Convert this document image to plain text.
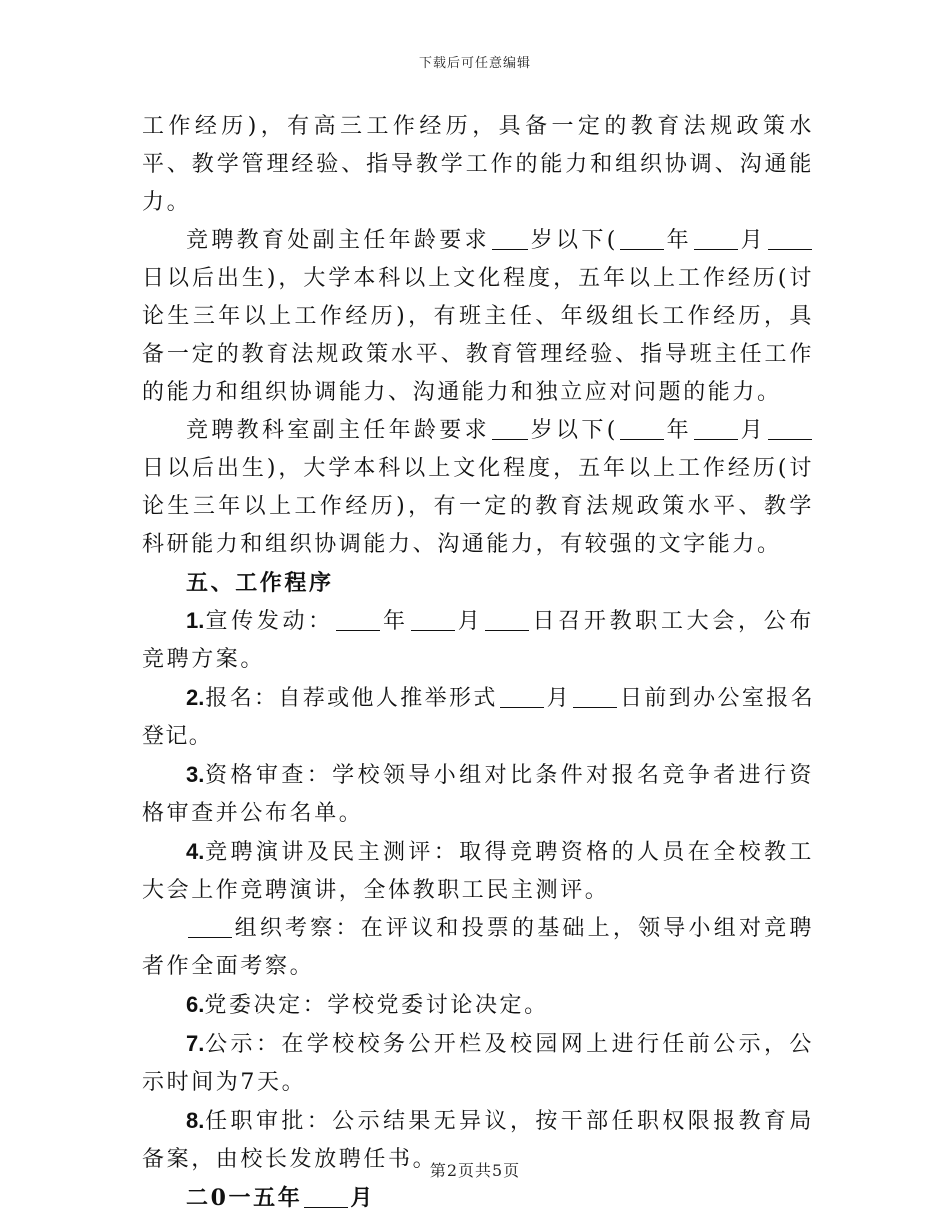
下载后可任意编辑

工作经历)，有高三工作经历，具备一定的教育法规政策水平、教学管理经验、指导教学工作的能力和组织协调、沟通能力。

竞聘教育处副主任年龄要求 岁以下( 年 月日以后出生)，大学本科以上文化程度，五年以上工作经历(讨论生三年以上工作经历)，有班主任、年级组长工作经历，具备一定的教育法规政策水平、教育管理经验、指导班主任工作的能力和组织协调能力、沟通能力和独立应对问题的能力。

竞聘教科室副主任年龄要求 岁以下( 年 月日以后出生)，大学本科以上文化程度，五年以上工作经历(讨论生三年以上工作经历)，有一定的教育法规政策水平、教学科研能力和组织协调能力、沟通能力，有较强的文字能力。

五、工作程序

1.宣传发动： 年 月 日召开教职工大会，公布竞聘方案。

2.报名：自荐或他人推举形式 月 日前到办公室报名登记。

3.资格审查：学校领导小组对比条件对报名竞争者进行资格审查并公布名单。

4.竞聘演讲及民主测评：取得竞聘资格的人员在全校教工大会上作竞聘演讲，全体教职工民主测评。

组织考察：在评议和投票的基础上，领导小组对竞聘者作全面考察。

6.党委决定：学校党委讨论决定。

7.公示：在学校校务公开栏及校园网上进行任前公示，公示时间为7天。

8.任职审批：公示结果无异议，按干部任职权限报教育局备案，由校长发放聘任书。

二0一五年 月

第2页共5页
